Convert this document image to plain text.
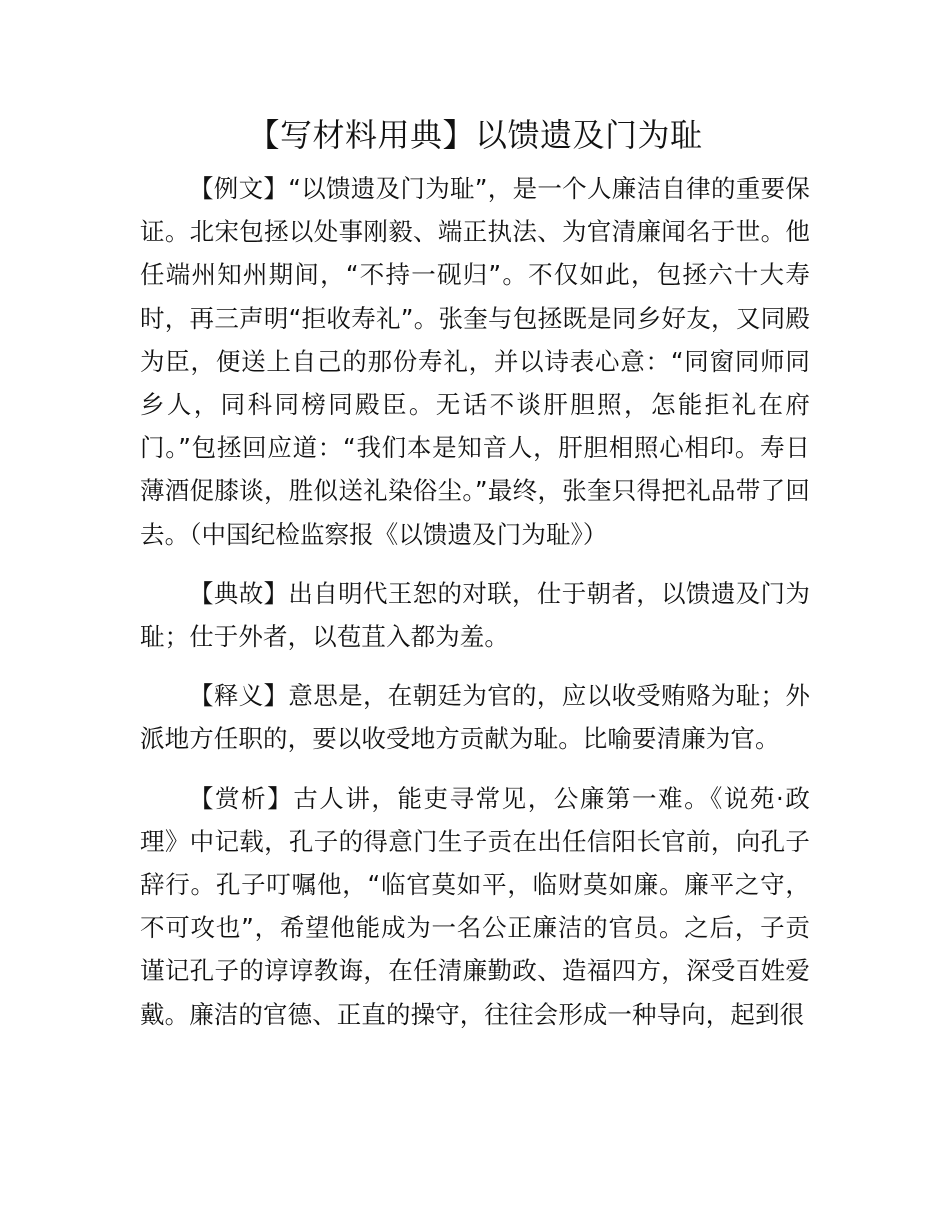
【写材料用典】以馈遗及门为耻

【例文】“以馈遗及门为耻”，是一个人廉洁自律的重要保证。北宋包拯以处事刚毅、端正执法、为官清廉闻名于世。他任端州知州期间，“不持一砚归”。不仅如此，包拯六十大寿时，再三声明“拒收寿礼”。张奎与包拯既是同乡好友，又同殿为臣，便送上自己的那份寿礼，并以诗表心意：“同窗同师同乡人，同科同榜同殿臣。无话不谈肝胆照，怎能拒礼在府门。”包拯回应道：“我们本是知音人，肝胆相照心相印。寿日薄酒促膝谈，胜似送礼染俗尘。”最终，张奎只得把礼品带了回去。（中国纪检监察报《以馈遗及门为耻》）

【典故】出自明代王恕的对联，仕于朝者，以馈遗及门为耻；仕于外者，以苞苴入都为羞。

【释义】意思是，在朝廷为官的，应以收受贿赂为耻；外派地方任职的，要以收受地方贡献为耻。比喻要清廉为官。

【赏析】古人讲，能吏寻常见，公廉第一难。《说苑·政理》中记载，孔子的得意门生子贡在出任信阳长官前，向孔子辞行。孔子叮嘱他，“临官莫如平，临财莫如廉。廉平之守，不可攻也”，希望他能成为一名公正廉洁的官员。之后，子贡谨记孔子的谆谆教诲，在任清廉勤政、造福四方，深受百姓爱戴。廉洁的官德、正直的操守，往往会形成一种导向，起到很
